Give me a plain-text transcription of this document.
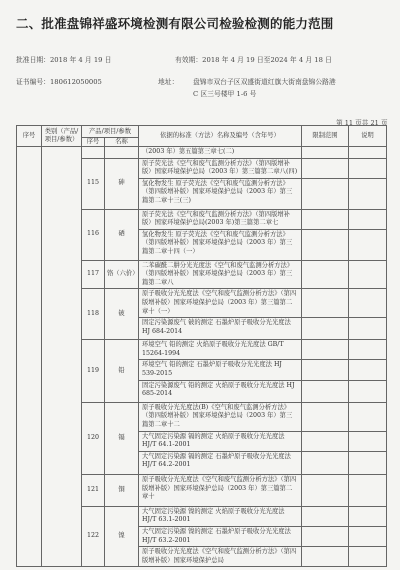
二、批准盘锦祥盛环境检测有限公司检验检测的能力范围
批准日期：2018 年 4 月 19 日	有效期：2018 年 4 月 19 日至2024 年 4 月 18 日
证书编号：180612050005	地址： 盘锦市双台子区双盛街道红旗大街南盘锦公路港
C 区三号楼甲 1-6 号
第 11 页共 21 页
序号	类别（产品/项目/参数）	产品/项目/参数		依据的标准（方法）名称及编号（含年号）	限制范围	说明
		序号	名称			
				（2003 年）第五篇第三章七(二)		
		115	砷	原子荧光法《空气和废气监测分析方法》（第四版增补版）国家环境保护总局（2003 年）第三篇第二章八(四)		
				氢化物发生 原子荧光法《空气和废气监测分析方法》（第四版增补版）国家环境保护总局（2003 年）第三篇第二章十三(三)		
		116	硒	原子荧光法《空气和废气监测分析方法》（第四版增补版）国家环境保护总局(2003 年)第三篇第二章七		
				氢化物发生 原子荧光法《空气和废气监测分析方法》（第四版增补版）国家环境保护总局（2003 年）第三篇第二章十四（一）		
		117	铬（六价）	二苯碳酰二肼分光光度法《空气和废气监测分析方法》（第四版增补版）国家环境保护总局（2003 年）第三篇第二章八		
		118	铍	原子吸收分光光度法《空气和废气监测分析方法》（第四版增补版）国家环境保护总局（2003 年）第三篇第二章十（一）		
				固定污染源废气 铍的测定 石墨炉原子吸收分光光度法 HJ 684-2014		
		119	铅	环境空气 铅的测定 火焰原子吸收分光光度法 GB/T 15264-1994		
				环境空气 铅的测定 石墨炉原子吸收分光光度法 HJ 539-2015		
				固定污染源废气 铅的测定 火焰原子吸收分光光度法 HJ 685-2014		
		120	镉	原子吸收分光光度法(B)《空气和废气监测分析方法》（第四版增补版）国家环境保护总局（2003 年）第三篇第二章十二		
				大气固定污染源 镉的测定 火焰原子吸收分光光度法 HJ/T 64.1-2001		
				大气固定污染源 镉的测定 石墨炉原子吸收分光光度法 HJ/T 64.2-2001		
		121	铜	原子吸收分光光度法《空气和废气监测分析方法》（第四版增补版）国家环境保护总局（2003 年）第三篇第二章十		
		122	镍	大气固定污染源 镍的测定 火焰原子吸收分光光度法 HJ/T 63.1-2001		
				大气固定污染源 镍的测定 石墨炉原子吸收分光光度法 HJ/T 63.2-2001		
				原子吸收分光光度法《空气和废气监测分析方法》（第四版增补版）国家环境保护总局		
